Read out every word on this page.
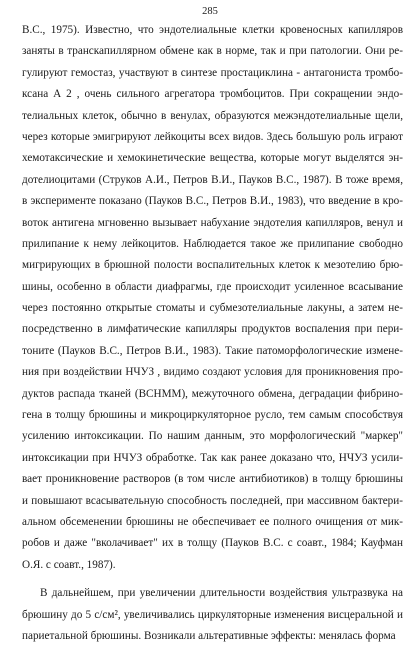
285
В.С., 1975). Известно, что эндотелиальные клетки кровеносных капилляров
заняты в транскапиллярном обмене как в норме, так и при патологии. Они ре-
гулируют гемостаз, участвуют в синтезе простациклина - антагониста тромбо-
ксана А 2 , очень сильного агрегатора тромбоцитов. При сокращении эндо-
телиальных клеток, обычно в венулах, образуются межэндотелиальные щели,
через которые эмигрируют лейкоциты всех видов. Здесь большую роль играют
хемотаксические и хемокинетические вещества, которые могут выделятся эн-
дотелиоцитами (Струков А.И., Петров В.И., Пауков В.С., 1987). В тоже время,
в эксперименте показано (Пауков В.С., Петров В.И., 1983), что введение в кро-
воток антигена мгновенно вызывает набухание эндотелия капилляров, венул и
прилипание к нему лейкоцитов. Наблюдается такое же прилипание свободно
мигрирующих в брюшной полости воспалительных клеток к мезотелию брю-
шины, особенно в области диафрагмы, где происходит усиленное всасывание
через постоянно открытые стоматы и субмезотелиальные лакуны, а затем не-
посредственно в лимфатические капилляры продуктов воспаления при пери-
тоните (Пауков В.С., Петров В.И., 1983). Такие патоморфологические измене-
ния при воздействии НЧУЗ , видимо создают условия для проникновения про-
дуктов распада тканей (ВСНММ), межуточного обмена, деградации фибрино-
гена в толщу брюшины и микроциркуляторное русло, тем самым способствуя
усилению интоксикации. По нашим данным, это морфологический "маркер"
интоксикации при НЧУЗ обработке. Так как ранее доказано что, НЧУЗ усили-
вает проникновение растворов (в том числе антибиотиков) в толщу брюшины
и повышают всасывательную способность последней, при массивном бактери-
альном обсеменении брюшины не обеспечивает ее полного очищения от мик-
робов и даже "вколачивает" их в толщу (Пауков В.С. с соавт., 1984; Кауфман
О.Я. с соавт., 1987).
В дальнейшем, при увеличении длительности воздействия ультразвука на
брюшину до 5 с/см², увеличивались циркуляторные изменения висцеральной и
париетальной брюшины. Возникали альтеративные эффекты: менялась форма
